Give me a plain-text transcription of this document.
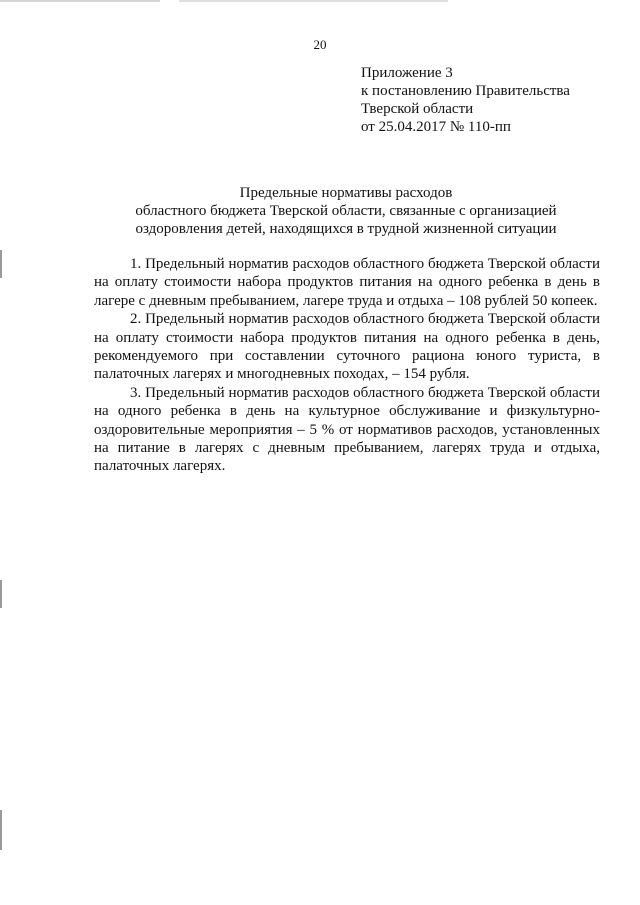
20
Приложение 3
к постановлению Правительства
Тверской области
от 25.04.2017 № 110-пп
Предельные нормативы расходов
областного бюджета Тверской области, связанные с организацией
оздоровления детей, находящихся в трудной жизненной ситуации

1. Предельный норматив расходов областного бюджета Тверской области на оплату стоимости набора продуктов питания на одного ребенка в день в лагере с дневным пребыванием, лагере труда и отдыха – 108 рублей 50 копеек.

2. Предельный норматив расходов областного бюджета Тверской области на оплату стоимости набора продуктов питания на одного ребенка в день, рекомендуемого при составлении суточного рациона юного туриста, в палаточных лагерях и многодневных походах, – 154 рубля.

3. Предельный норматив расходов областного бюджета Тверской области на одного ребенка в день на культурное обслуживание и физкультурно-оздоровительные мероприятия – 5 % от нормативов расходов, установленных на питание в лагерях с дневным пребыванием, лагерях труда и отдыха, палаточных лагерях.
